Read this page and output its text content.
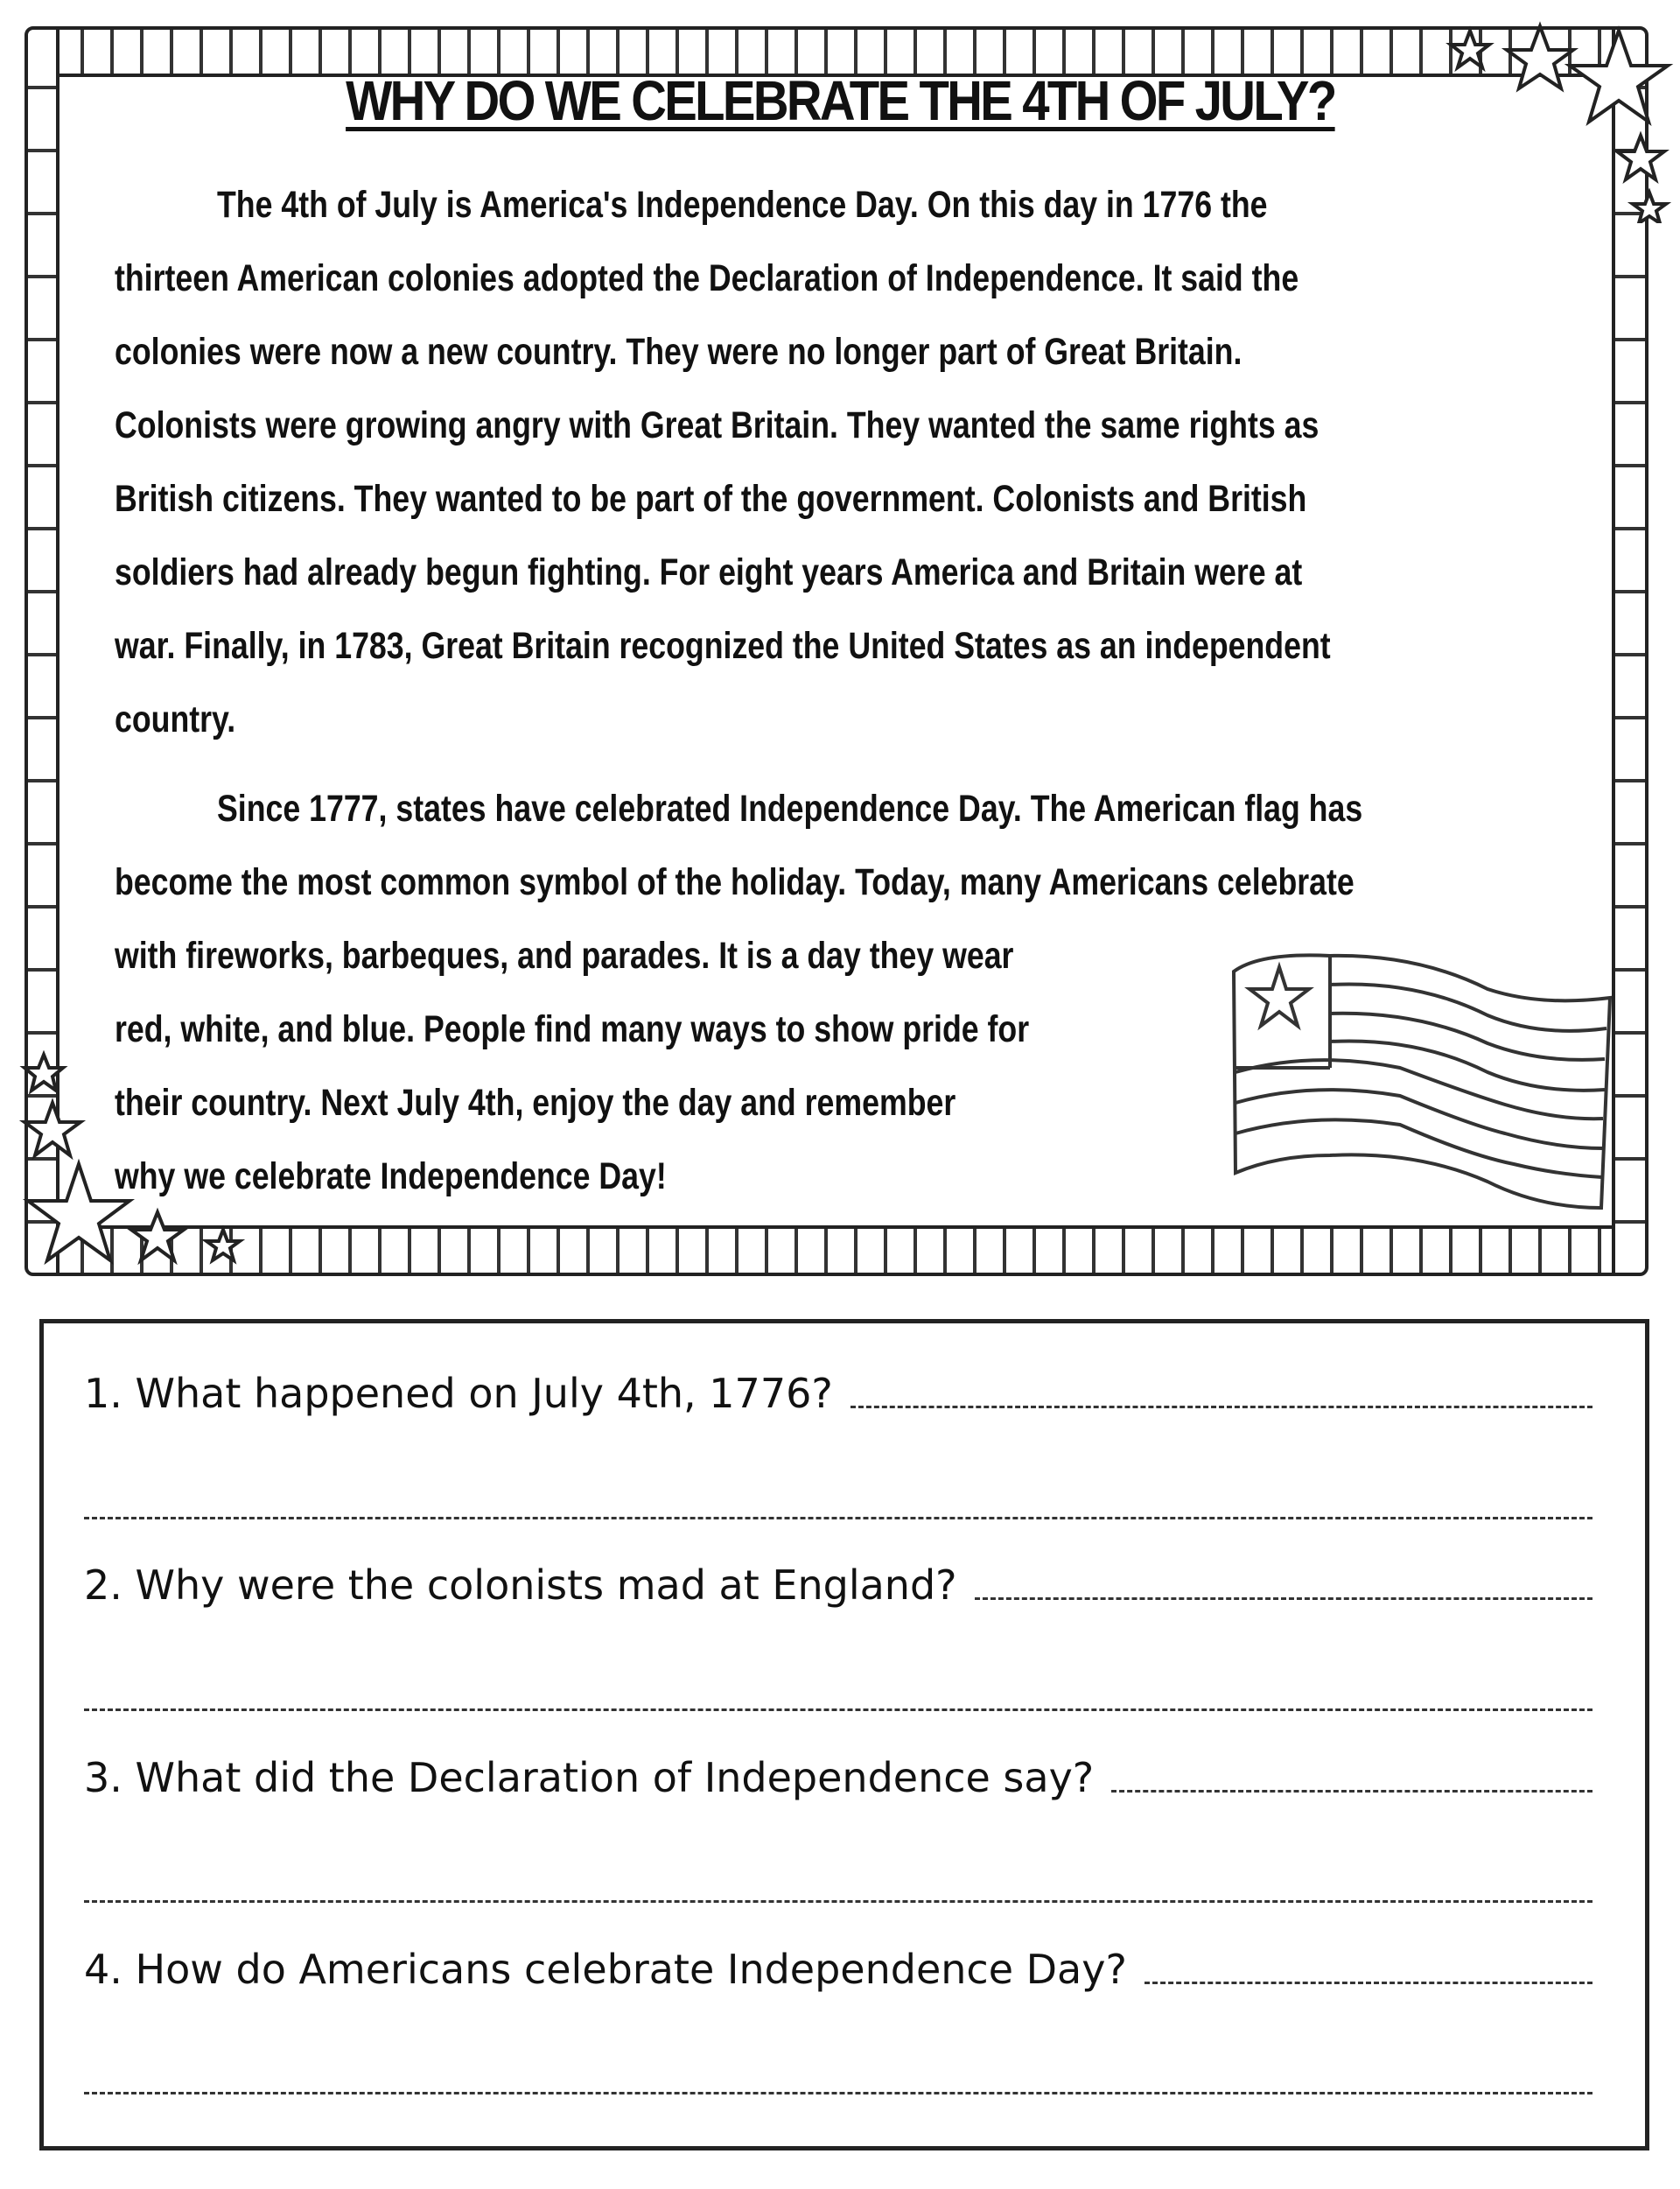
WHY DO WE CELEBRATE THE 4TH OF JULY?
The 4th of July is America's Independence Day. On this day in 1776 the
thirteen American colonies adopted the Declaration of Independence. It said the
colonies were now a new country. They were no longer part of Great Britain.
Colonists were growing angry with Great Britain. They wanted the same rights as
British citizens. They wanted to be part of the government. Colonists and British
soldiers had already begun fighting. For eight years America and Britain were at
war. Finally, in 1783, Great Britain recognized the United States as an independent
country.
Since 1777, states have celebrated Independence Day. The American flag has
become the most common symbol of the holiday. Today, many Americans celebrate
with fireworks, barbeques, and parades. It is a day they wear
red, white, and blue. People find many ways to show pride for
their country. Next July 4th, enjoy the day and remember
why we celebrate Independence Day!
1. What happened on July 4th, 1776?
2. Why were the colonists mad at England?
3. What did the Declaration of Independence say?
4. How do Americans celebrate Independence Day?
